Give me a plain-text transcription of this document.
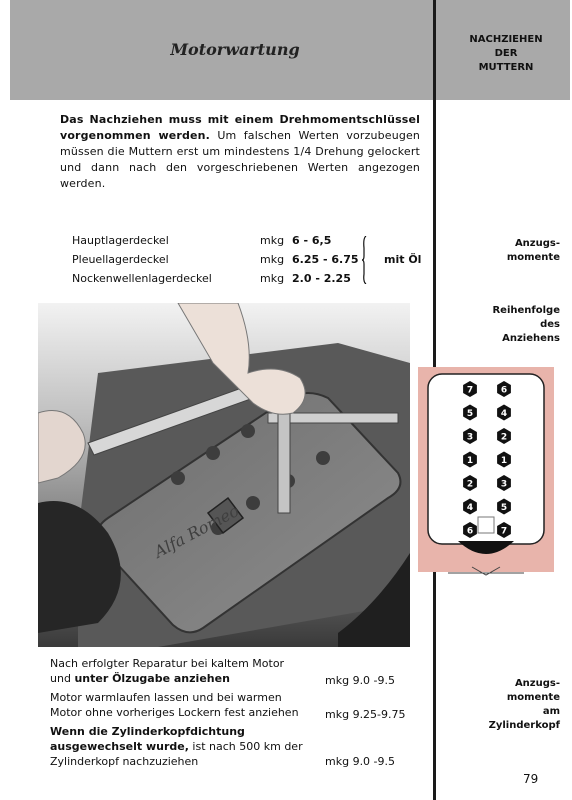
Motorwartung
NACHZIEHEN
DER
MUTTERN
Das Nachziehen muss mit einem Drehmomentschlüssel vorgenommen werden. Um falschen Werten vorzubeugen müssen die Muttern erst um mindestens 1/4 Drehung gelockert und dann nach den vorgeschriebenen Werten angezogen werden.
Hauptlagerdeckel	mkg 6 - 6,5
Pleuellagerdeckel	mkg 6.25 - 6.75
Nockenwellenlagerdeckel	mkg 2.0 - 2.25
mit Öl
Anzugs-
momente
Reihenfolge
des
Anziehens
Alfa Romeo
7
5
3
1
2
4
6
6
4
2
1
3
5
7
Anzugs-
momente
am
Zylinderkopf
Nach erfolgter Reparatur bei kaltem Motor
und unter Ölzugabe anziehen	mkg 9.0 -9.5
Motor warmlaufen lassen und bei warmen
Motor ohne vorheriges Lockern fest anziehen	mkg 9.25-9.75
Wenn die Zylinderkopfdichtung ausgewechselt wurde, ist nach 500 km der Zylinderkopf nachzuziehen	mkg 9.0 -9.5
79
